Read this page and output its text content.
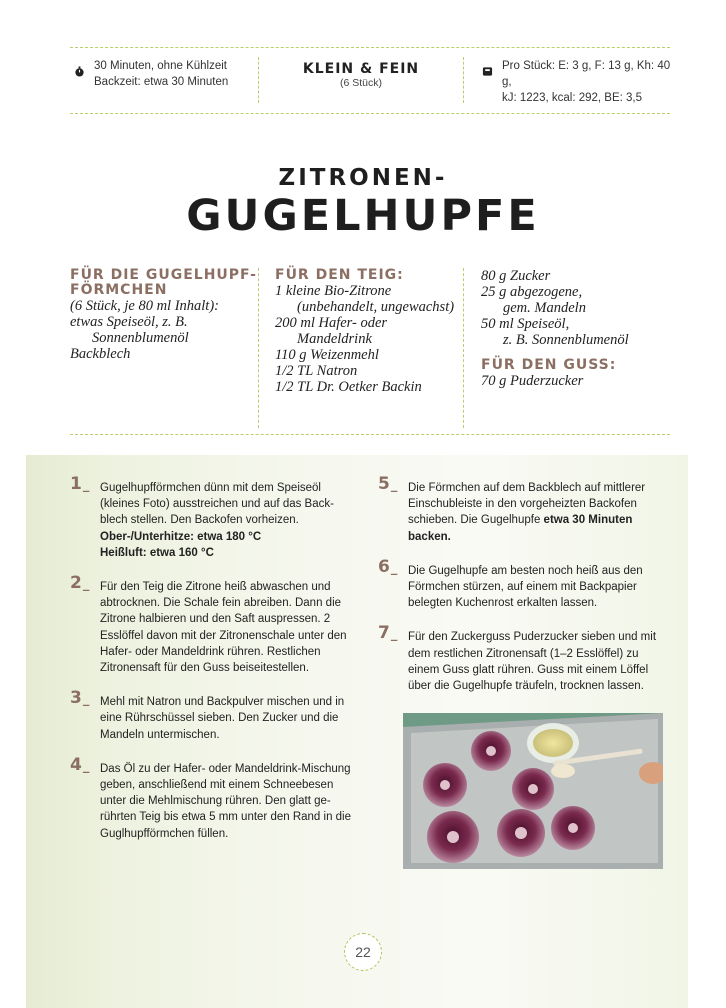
30 Minuten, ohne Kühlzeit
Backzeit: etwa 30 Minuten
KLEIN & FEIN
(6 Stück)
Pro Stück: E: 3 g, F: 13 g, Kh: 40 g,
kJ: 1223, kcal: 292, BE: 3,5
ZITRONEN-
GUGELHUPFE
FÜR DIE GUGELHUPF-
FÖRMCHEN
(6 Stück, je 80 ml Inhalt):
etwas Speiseöl, z. B.
Sonnenblumenöl
Backblech
FÜR DEN TEIG:
1 kleine Bio-Zitrone
(unbehandelt, ungewachst)
200 ml Hafer- oder
Mandeldrink
110 g Weizenmehl
1/2 TL Natron
1/2 TL Dr. Oetker Backin
80 g Zucker
25 g abgezogene,
gem. Mandeln
50 ml Speiseöl,
z. B. Sonnenblumenöl
FÜR DEN GUSS:
70 g Puderzucker
1 _	Gugelhupfförmchen dünn mit dem Speiseöl (kleines Foto) ausstreichen und auf das Back-blech stellen. Den Backofen vorheizen.
Ober-/Unterhitze: etwa 180 °C
Heißluft: etwa 160 °C
2 _	Für den Teig die Zitrone heiß abwaschen und abtrocknen. Die Schale fein abreiben. Dann die Zitrone halbieren und den Saft auspressen. 2 Esslöffel davon mit der Zitronenschale unter den Hafer- oder Mandeldrink rühren. Restlichen Zitronensaft für den Guss beiseitestellen.
3 _	Mehl mit Natron und Backpulver mischen und in eine Rührschüssel sieben. Den Zucker und die Mandeln untermischen.
4 _	Das Öl zu der Hafer- oder Mandeldrink-Mischung geben, anschließend mit einem Schneebesen unter die Mehlmischung rühren. Den glatt ge-rührten Teig bis etwa 5 mm unter den Rand in die Guglhupfförmchen füllen.
5 _	Die Förmchen auf dem Backblech auf mittlerer Einschubleiste in den vorgeheizten Backofen schieben. Die Gugelhupfe etwa 30 Minuten backen.
6 _	Die Gugelhupfe am besten noch heiß aus den Förmchen stürzen, auf einem mit Backpapier belegten Kuchenrost erkalten lassen.
7 _	Für den Zuckerguss Puderzucker sieben und mit dem restlichen Zitronensaft (1–2 Esslöffel) zu einem Guss glatt rühren. Guss mit einem Löffel über die Gugelhupfe träufeln, trocknen lassen.
22
